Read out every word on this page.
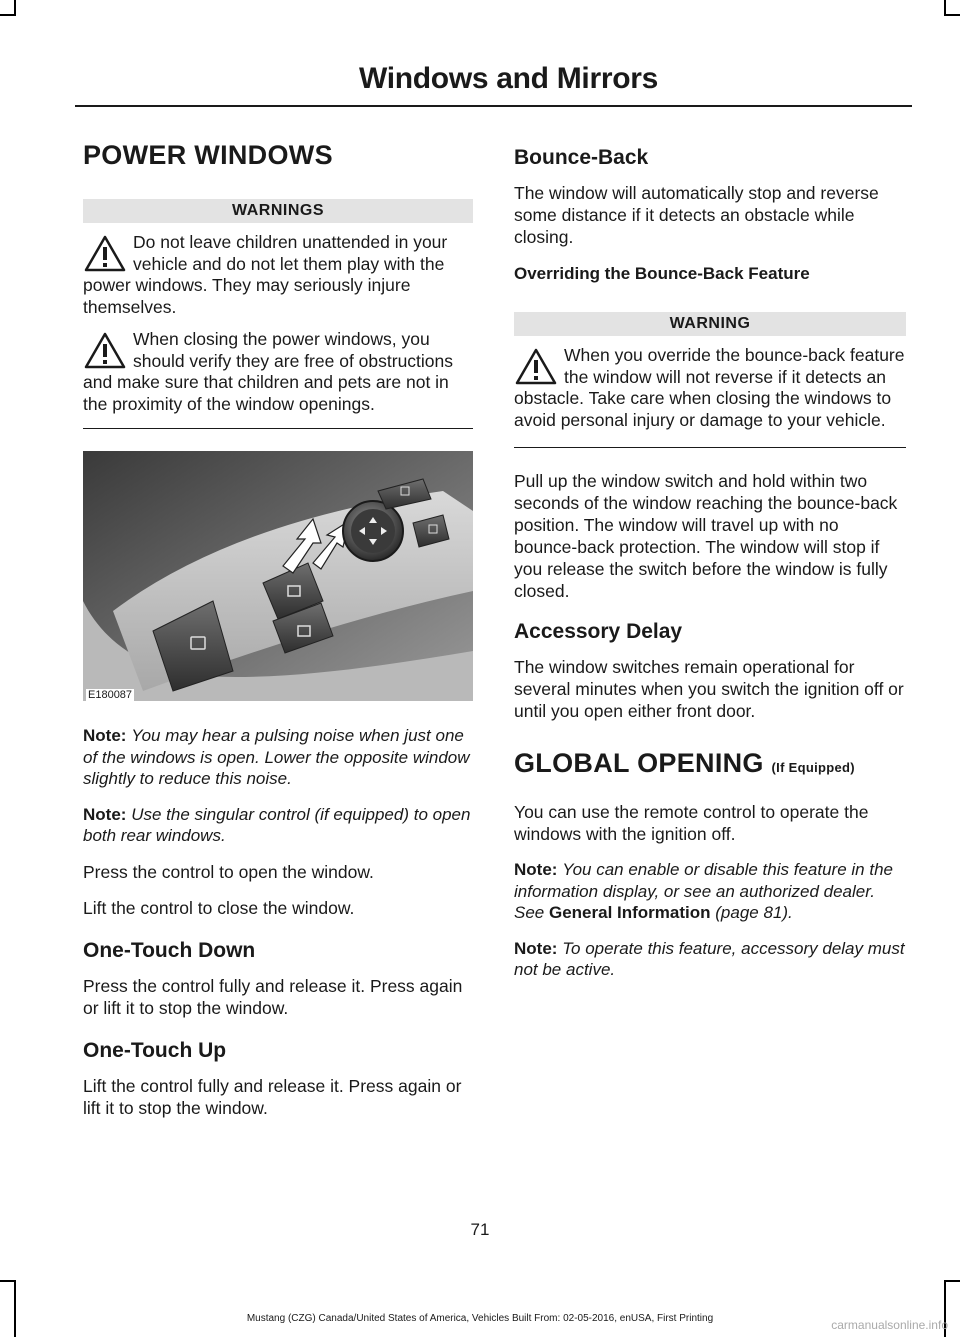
Windows and Mirrors
POWER WINDOWS
WARNINGS
Do not leave children unattended in your vehicle and do not let them play with the power windows. They may seriously injure themselves.
When closing the power windows, you should verify they are free of obstructions and make sure that children and pets are not in the proximity of the window openings.
E180087

Note: You may hear a pulsing noise when just one of the windows is open. Lower the opposite window slightly to reduce this noise.

Note: Use the singular control (if equipped) to open both rear windows.

Press the control to open the window.

Lift the control to close the window.

One-Touch Down

Press the control fully and release it. Press again or lift it to stop the window.

One-Touch Up

Lift the control fully and release it. Press again or lift it to stop the window.

Bounce-Back

The window will automatically stop and reverse some distance if it detects an obstacle while closing.

Overriding the Bounce-Back Feature
WARNING
When you override the bounce-back feature the window will not reverse if it detects an obstacle. Take care when closing the windows to avoid personal injury or damage to your vehicle.

Pull up the window switch and hold within two seconds of the window reaching the bounce-back position. The window will travel up with no bounce-back protection. The window will stop if you release the switch before the window is fully closed.

Accessory Delay

The window switches remain operational for several minutes when you switch the ignition off or until you open either front door.

GLOBAL OPENING (If Equipped)

You can use the remote control to operate the windows with the ignition off.

Note: You can enable or disable this feature in the information display, or see an authorized dealer. See General Information (page 81).

Note: To operate this feature, accessory delay must not be active.

71
Mustang (CZG) Canada/United States of America, Vehicles Built From: 02-05-2016, enUSA, First Printing	carmanualsonline.info
